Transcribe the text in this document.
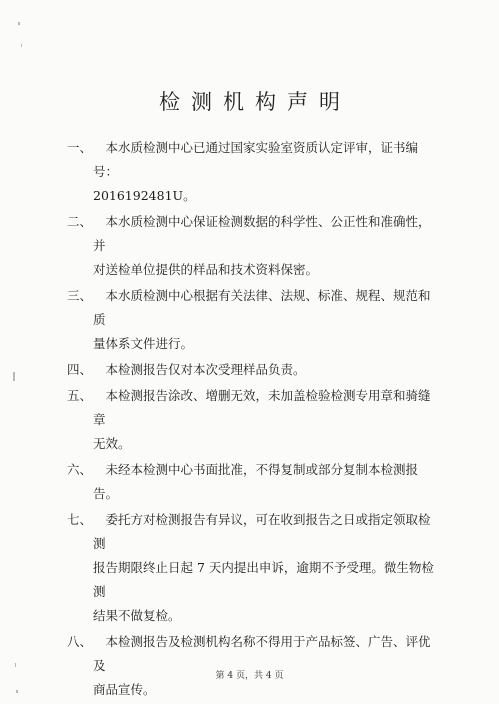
检测机构声明
一、	　本水质检测中心已通过国家实验室资质认定评审，证书编号：
2016192481U。
二、	　本水质检测中心保证检测数据的科学性、公正性和准确性，并
对送检单位提供的样品和技术资料保密。
三、	　本水质检测中心根据有关法律、法规、标准、规程、规范和质
量体系文件进行。
四、 　本检测报告仅对本次受理样品负责。
五、	　本检测报告涂改、增删无效，未加盖检验检测专用章和骑缝章
无效。
六、 　未经本检测中心书面批准，不得复制或部分复制本检测报告。
七、	　委托方对检测报告有异议，可在收到报告之日或指定领取检测
报告期限终止日起 7 天内提出申诉，逾期不予受理。微生物检测
结果不做复检。
八、	　本检测报告及检测机构名称不得用于产品标签、广告、评优及
商品宣传。
第 4 页，共 4 页
